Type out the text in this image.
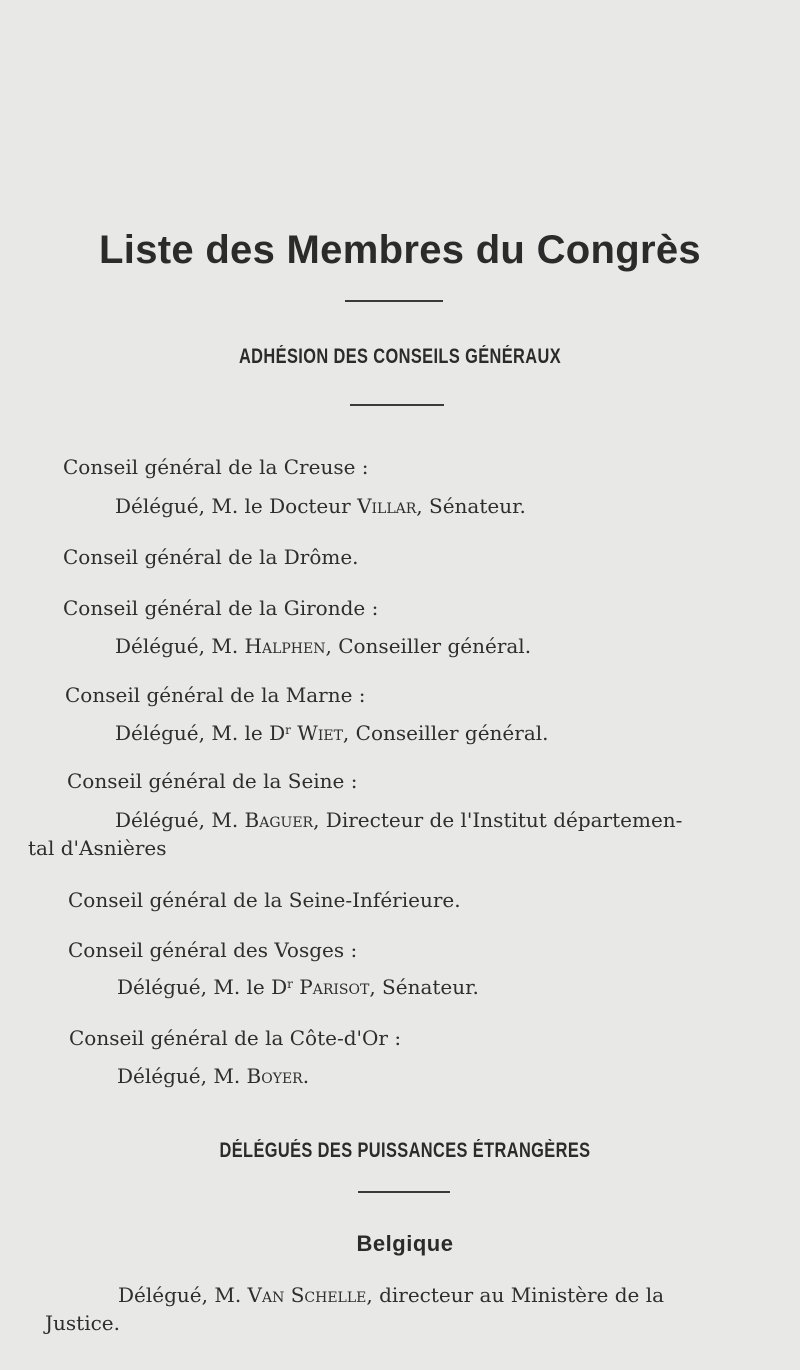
Liste des Membres du Congrès
ADHÉSION DES CONSEILS GÉNÉRAUX
Conseil général de la Creuse :
Délégué, M. le Docteur Villar, Sénateur.
Conseil général de la Drôme.
Conseil général de la Gironde :
Délégué, M. Halphen, Conseiller général.
Conseil général de la Marne :
Délégué, M. le $D^r$ Wiet, Conseiller général.
Conseil général de la Seine :
Délégué, M. Baguer, Directeur de l'Institut départemen-
tal d'Asnières
Conseil général de la Seine-Inférieure.
Conseil général des Vosges :
Délégué, M. le $D^r$ Parisot, Sénateur.
Conseil général de la Côte-d'Or :
Délégué, M. Boyer.
DÉLÉGUÉS DES PUISSANCES ÉTRANGÈRES
Belgique
Délégué, M. Van Schelle, directeur au Ministère de la
Justice.
